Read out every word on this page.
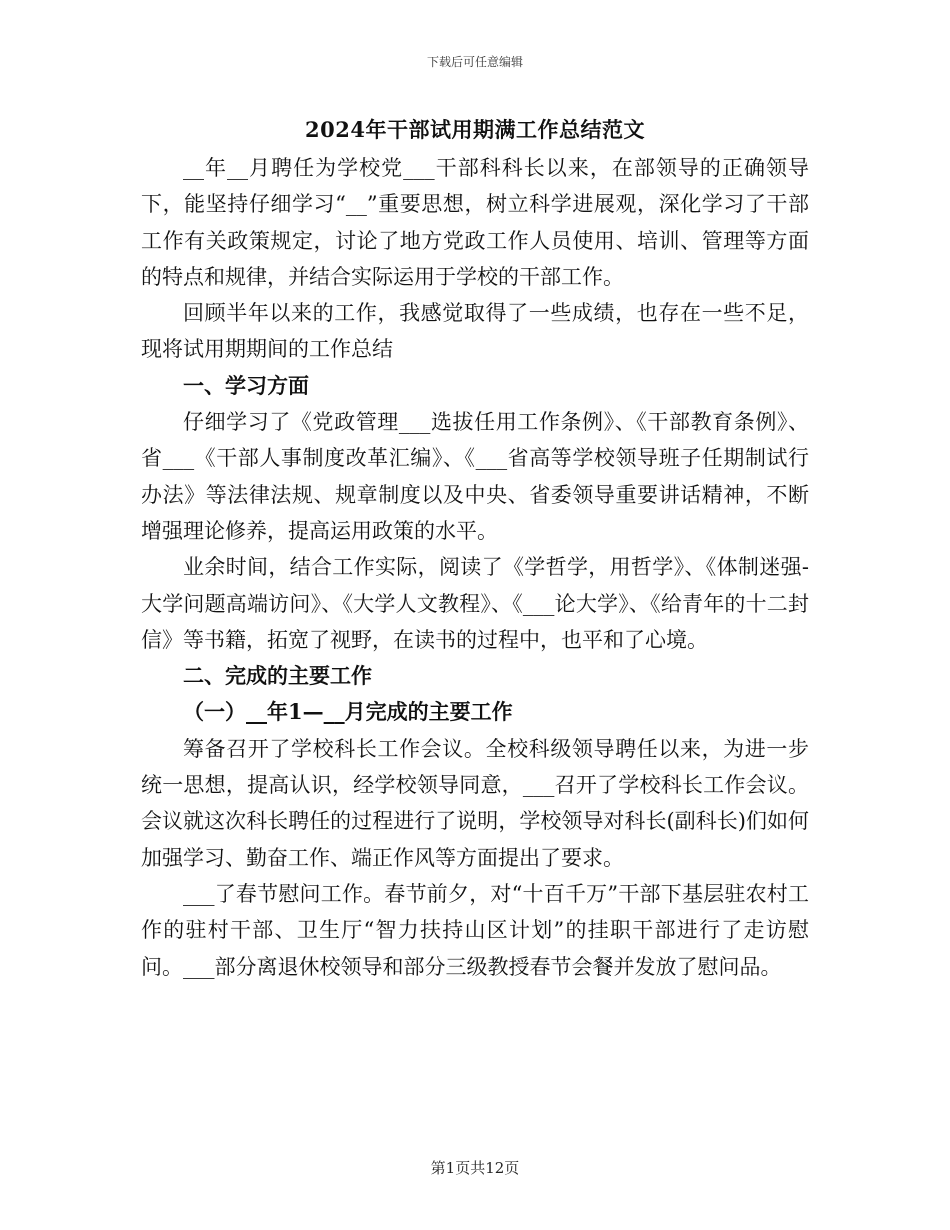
下载后可任意编辑
2024年干部试用期满工作总结范文

__年__月聘任为学校党___干部科科长以来，在部领导的正确领导下，能坚持仔细学习“__”重要思想，树立科学进展观，深化学习了干部工作有关政策规定，讨论了地方党政工作人员使用、培训、管理等方面的特点和规律，并结合实际运用于学校的干部工作。

回顾半年以来的工作，我感觉取得了一些成绩，也存在一些不足，现将试用期期间的工作总结

一、学习方面

仔细学习了《党政管理___选拔任用工作条例》、《干部教育条例》、省___《干部人事制度改革汇编》、《___省高等学校领导班子任期制试行办法》等法律法规、规章制度以及中央、省委领导重要讲话精神，不断增强理论修养，提高运用政策的水平。

业余时间，结合工作实际，阅读了《学哲学，用哲学》、《体制迷强-大学问题高端访问》、《大学人文教程》、《___论大学》、《给青年的十二封信》等书籍，拓宽了视野，在读书的过程中，也平和了心境。

二、完成的主要工作
（一）__年1—__月完成的主要工作

筹备召开了学校科长工作会议。全校科级领导聘任以来，为进一步统一思想，提高认识，经学校领导同意，___召开了学校科长工作会议。会议就这次科长聘任的过程进行了说明，学校领导对科长(副科长)们如何加强学习、勤奋工作、端正作风等方面提出了要求。

___了春节慰问工作。春节前夕，对“十百千万”干部下基层驻农村工作的驻村干部、卫生厅“智力扶持山区计划”的挂职干部进行了走访慰问。___部分离退休校领导和部分三级教授春节会餐并发放了慰问品。

第1页共12页
